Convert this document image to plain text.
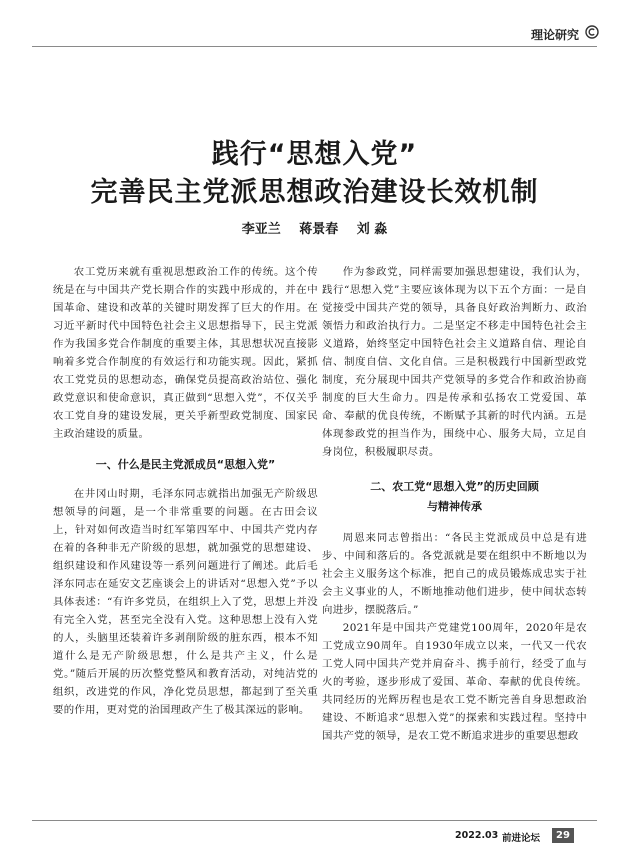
理论研究
践行“思想入党”
完善民主党派思想政治建设长效机制
李亚兰 蒋景春 刘 淼

农工党历来就有重视思想政治工作的传统。这个传统是在与中国共产党长期合作的实践中形成的，并在中国革命、建设和改革的关键时期发挥了巨大的作用。在习近平新时代中国特色社会主义思想指导下，民主党派作为我国多党合作制度的重要主体，其思想状况直接影响着多党合作制度的有效运行和功能实现。因此，紧抓农工党党员的思想动态，确保党员提高政治站位、强化政党意识和使命意识，真正做到“思想入党”，不仅关乎农工党自身的建设发展，更关乎新型政党制度、国家民主政治建设的质量。

一、什么是民主党派成员“思想入党”

在井冈山时期，毛泽东同志就指出加强无产阶级思想领导的问题，是一个非常重要的问题。在古田会议上，针对如何改造当时红军第四军中、中国共产党内存在着的各种非无产阶级的思想，就加强党的思想建设、组织建设和作风建设等一系列问题进行了阐述。此后毛泽东同志在延安文艺座谈会上的讲话对“思想入党”予以具体表述：“有许多党员，在组织上入了党，思想上并没有完全入党，甚至完全没有入党。这种思想上没有入党的人，头脑里还装着许多剥削阶级的脏东西，根本不知道什么是无产阶级思想，什么是共产主义，什么是党。”随后开展的历次整党整风和教育活动，对纯洁党的组织，改进党的作风，净化党员思想，都起到了至关重要的作用，更对党的治国理政产生了极其深远的影响。

作为参政党，同样需要加强思想建设，我们认为，践行“思想入党”主要应该体现为以下五个方面：一是自觉接受中国共产党的领导，具备良好政治判断力、政治领悟力和政治执行力。二是坚定不移走中国特色社会主义道路，始终坚定中国特色社会主义道路自信、理论自信、制度自信、文化自信。三是积极践行中国新型政党制度，充分展现中国共产党领导的多党合作和政治协商制度的巨大生命力。四是传承和弘扬农工党爱国、革命、奉献的优良传统，不断赋予其新的时代内涵。五是体现参政党的担当作为，围绕中心、服务大局，立足自身岗位，积极履职尽责。

二、农工党“思想入党”的历史回顾

与精神传承

周恩来同志曾指出：“各民主党派成员中总是有进步、中间和落后的。各党派就是要在组织中不断地以为社会主义服务这个标准，把自己的成员锻炼成忠实于社会主义事业的人，不断地推动他们进步，使中间状态转向进步，摆脱落后。”

2021年是中国共产党建党100周年，2020年是农工党成立90周年。自1930年成立以来，一代又一代农工党人同中国共产党并肩奋斗、携手前行，经受了血与火的考验，逐步形成了爱国、革命、奉献的优良传统。共同经历的光辉历程也是农工党不断完善自身思想政治建设、不断追求“思想入党”的探索和实践过程。坚持中国共产党的领导，是农工党不断追求进步的重要思想政

2022.03 前进论坛	29
